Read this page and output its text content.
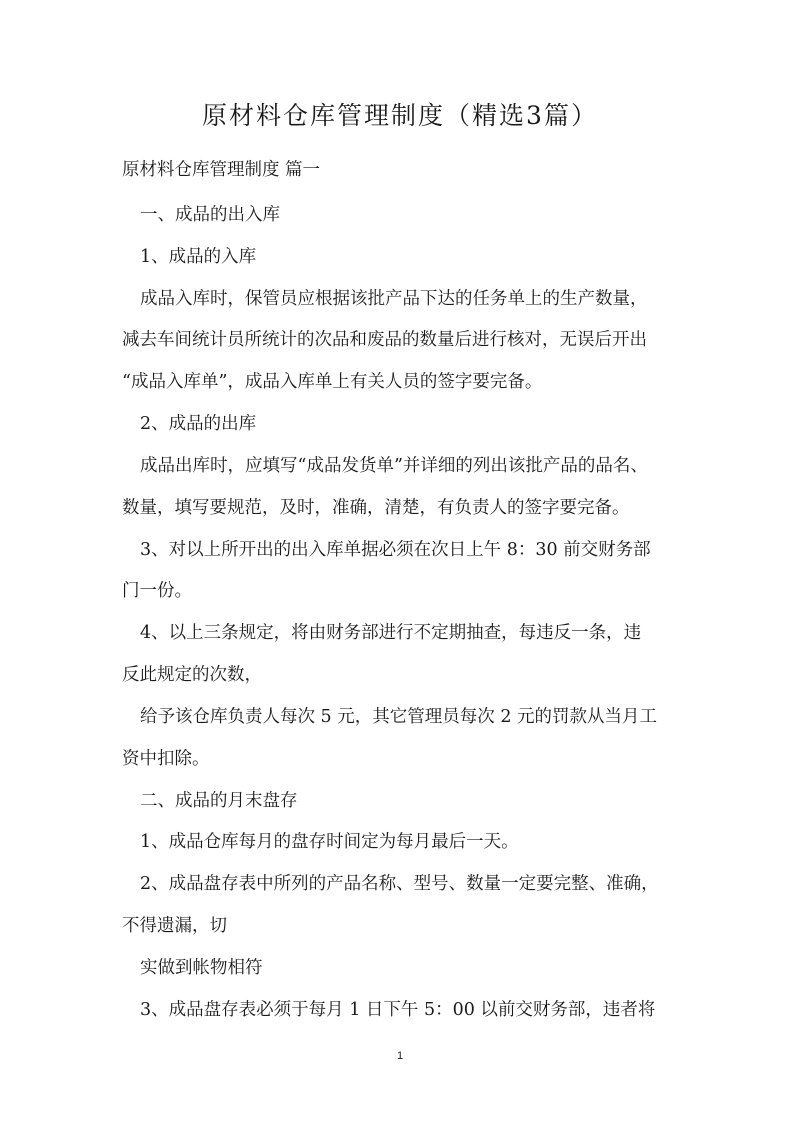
原材料仓库管理制度（精选3篇）
原材料仓库管理制度 篇一
一、成品的出入库
1、成品的入库
成品入库时，保管员应根据该批产品下达的任务单上的生产数量，
减去车间统计员所统计的次品和废品的数量后进行核对，无误后开出
“成品入库单”，成品入库单上有关人员的签字要完备。
2、成品的出库
成品出库时，应填写“成品发货单”并详细的列出该批产品的品名、
数量，填写要规范，及时，准确，清楚，有负责人的签字要完备。
3、对以上所开出的出入库单据必须在次日上午 8：30 前交财务部
门一份。
4、以上三条规定，将由财务部进行不定期抽查，每违反一条，违
反此规定的次数，
给予该仓库负责人每次 5 元，其它管理员每次 2 元的罚款从当月工
资中扣除。
二、成品的月末盘存
1、成品仓库每月的盘存时间定为每月最后一天。
2、成品盘存表中所列的产品名称、型号、数量一定要完整、准确，
不得遗漏，切
实做到帐物相符
3、成品盘存表必须于每月 1 日下午 5：00 以前交财务部，违者将
1
